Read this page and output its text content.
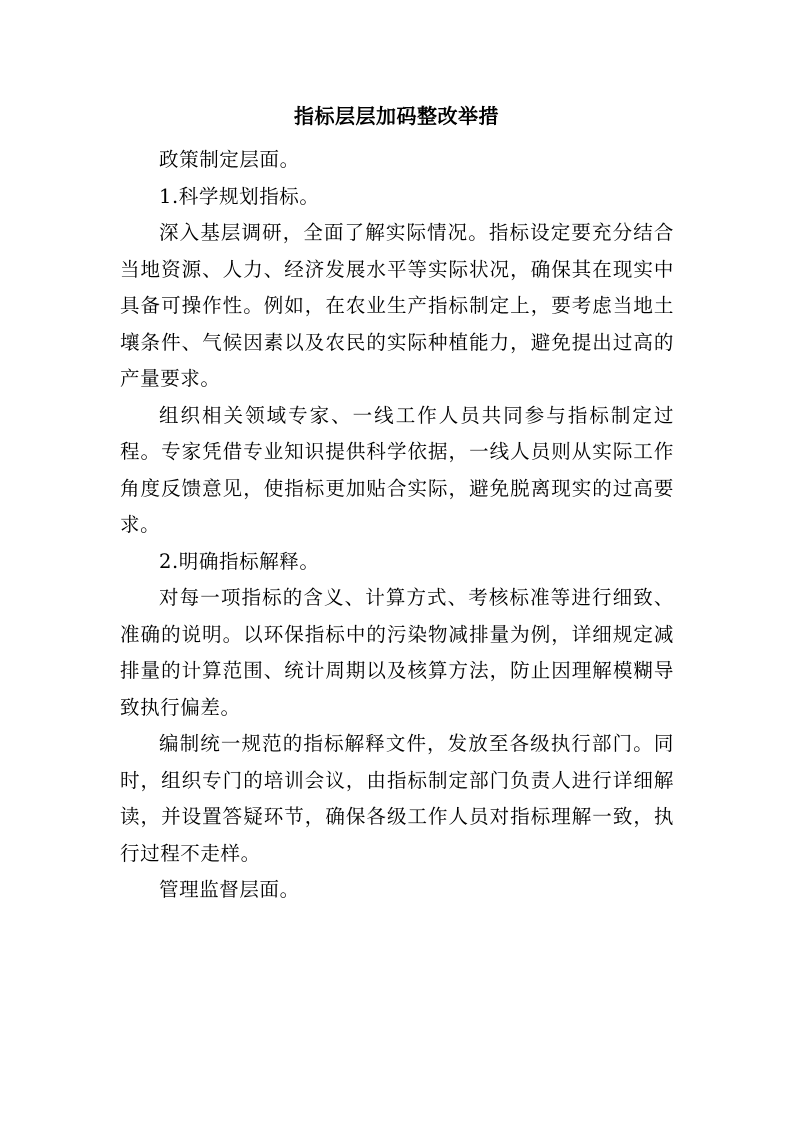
指标层层加码整改举措

政策制定层面。

1.科学规划指标。

深入基层调研，全面了解实际情况。指标设定要充分结合当地资源、人力、经济发展水平等实际状况，确保其在现实中具备可操作性。例如，在农业生产指标制定上，要考虑当地土壤条件、气候因素以及农民的实际种植能力，避免提出过高的产量要求。

组织相关领域专家、一线工作人员共同参与指标制定过程。专家凭借专业知识提供科学依据，一线人员则从实际工作角度反馈意见，使指标更加贴合实际，避免脱离现实的过高要求。

2.明确指标解释。

对每一项指标的含义、计算方式、考核标准等进行细致、准确的说明。以环保指标中的污染物减排量为例，详细规定减排量的计算范围、统计周期以及核算方法，防止因理解模糊导致执行偏差。

编制统一规范的指标解释文件，发放至各级执行部门。同时，组织专门的培训会议，由指标制定部门负责人进行详细解读，并设置答疑环节，确保各级工作人员对指标理解一致，执行过程不走样。

管理监督层面。
